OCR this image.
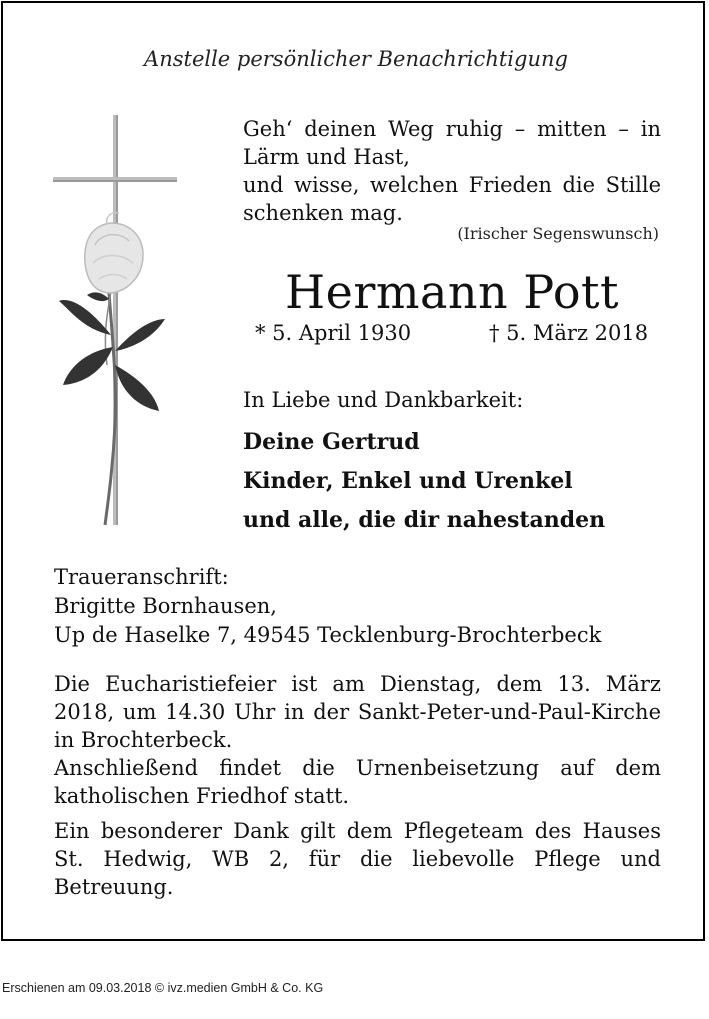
Anstelle persönlicher Benachrichtigung

Geh‘ deinen Weg ruhig – mitten – in Lärm und Hast,

und wisse, welchen Frieden die Stille schenken mag.

(Irischer Segenswunsch)
Hermann Pott
* 5. April 1930	† 5. März 2018
In Liebe und Dankbarkeit:
Deine Gertrud
Kinder, Enkel und Urenkel
und alle, die dir nahestanden
Traueranschrift:
Brigitte Bornhausen,
Up de Haselke 7, 49545 Tecklenburg-Brochterbeck

Die Eucharistiefeier ist am Dienstag, dem 13. März 2018, um 14.30 Uhr in der Sankt-Peter-und-Paul-Kirche in Brochterbeck.

Anschließend findet die Urnenbeisetzung auf dem katholischen Friedhof statt.

Ein besonderer Dank gilt dem Pflegeteam des Hauses St. Hedwig, WB 2, für die liebevolle Pflege und Betreuung.

Erschienen am 09.03.2018 © ivz.medien GmbH & Co. KG
